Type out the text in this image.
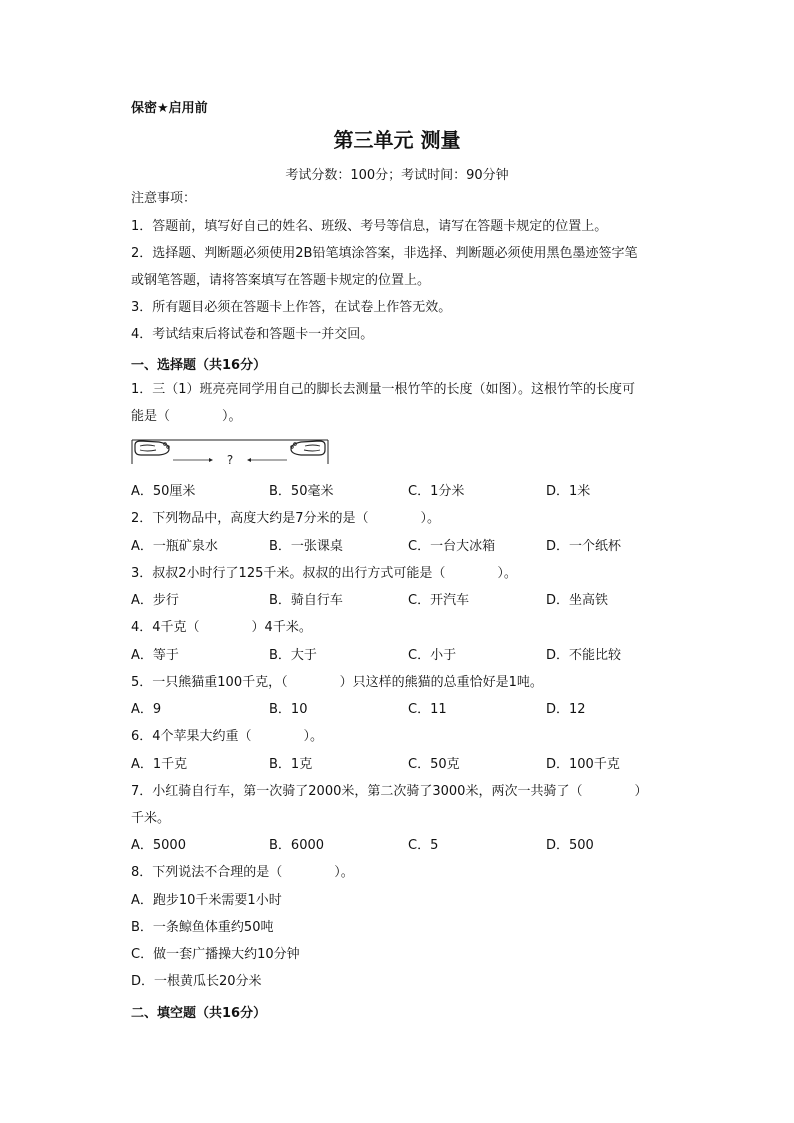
保密★启用前
第三单元 测量
考试分数：100分；考试时间：90分钟
注意事项：
1．答题前，填写好自己的姓名、班级、考号等信息，请写在答题卡规定的位置上。
2．选择题、判断题必须使用2B铅笔填涂答案，非选择、判断题必须使用黑色墨迹签字笔
或钢笔答题，请将答案填写在答题卡规定的位置上。
3．所有题目必须在答题卡上作答，在试卷上作答无效。
4．考试结束后将试卷和答题卡一并交回。
一、选择题（共16分）
1．三（1）班亮亮同学用自己的脚长去测量一根竹竿的长度（如图）。这根竹竿的长度可
能是（　　　　）。
?
A．50厘米	B．50毫米	C．1分米	D．1米
2．下列物品中，高度大约是7分米的是（　　　　）。
A．一瓶矿泉水	B．一张课桌	C．一台大冰箱	D．一个纸杯
3．叔叔2小时行了125千米。叔叔的出行方式可能是（　　　　）。
A．步行	B．骑自行车	C．开汽车	D．坐高铁
4．4千克（　　　　）4千米。
A．等于	B．大于	C．小于	D．不能比较
5．一只熊猫重100千克，（　　　　）只这样的熊猫的总重恰好是1吨。
A．9	B．10	C．11	D．12
6．4个苹果大约重（　　　　）。
A．1千克	B．1克	C．50克	D．100千克
7．小红骑自行车，第一次骑了2000米，第二次骑了3000米，两次一共骑了（　　　　）
千米。
A．5000	B．6000	C．5	D．500
8．下列说法不合理的是（　　　　）。
A．跑步10千米需要1小时
B．一条鲸鱼体重约50吨
C．做一套广播操大约10分钟
D．一根黄瓜长20分米
二、填空题（共16分）
